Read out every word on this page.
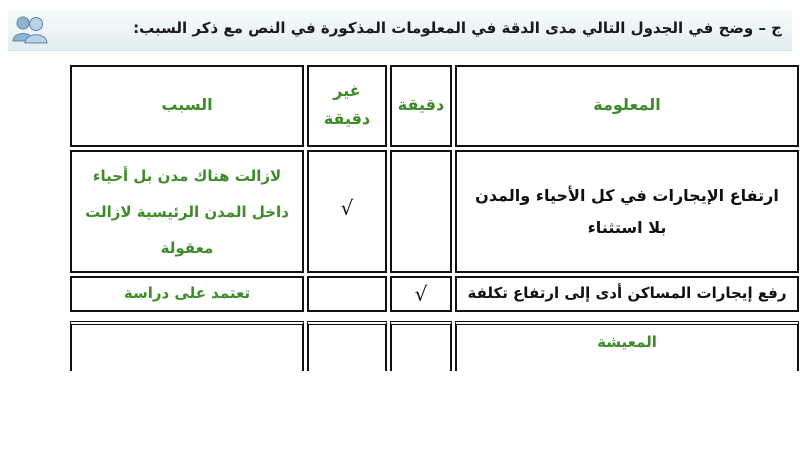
ج – وضح في الجدول التالي مدى الدقة في المعلومات المذكورة في النص مع ذكر السبب:
المعلومة
دقيقة
غير دقيقة
السبب
ارتفاع الإيجارات في كل الأحياء والمدن بلا استثناء
√
لازالت هناك مدن بل أحياء داخل المدن الرئيسية لازالت معقولة
رفع إيجارات المساكن أدى إلى ارتفاع تكلفة
√
تعتمد على دراسة
المعيشة
